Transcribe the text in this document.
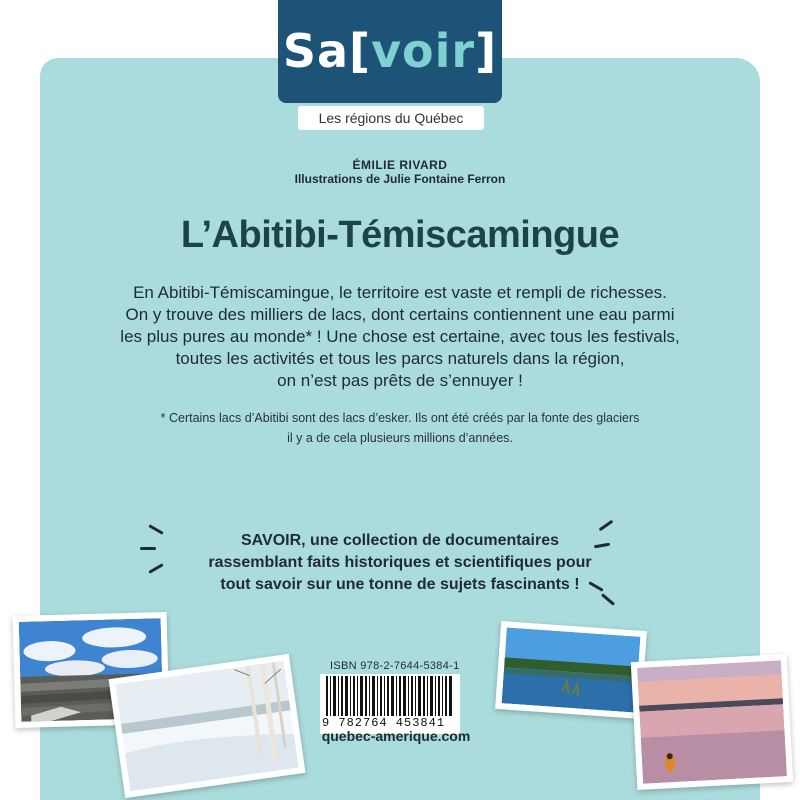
Sa[voir]
Les régions du Québec
ÉMILIE RIVARD
Illustrations de Julie Fontaine Ferron
L’Abitibi-Témiscamingue
En Abitibi-Témiscamingue, le territoire est vaste et rempli de richesses.
On y trouve des milliers de lacs, dont certains contiennent une eau parmi
les plus pures au monde* ! Une chose est certaine, avec tous les festivals,
toutes les activités et tous les parcs naturels dans la région,
on n’est pas prêts de s’ennuyer !
* Certains lacs d’Abitibi sont des lacs d’esker. Ils ont été créés par la fonte des glaciers
il y a de cela plusieurs millions d’années.
SAVOIR, une collection de documentaires
rassemblant faits historiques et scientifiques pour
tout savoir sur une tonne de sujets fascinants !
ISBN 978-2-7644-5384-1
9 782764 453841
quebec-amerique.com
